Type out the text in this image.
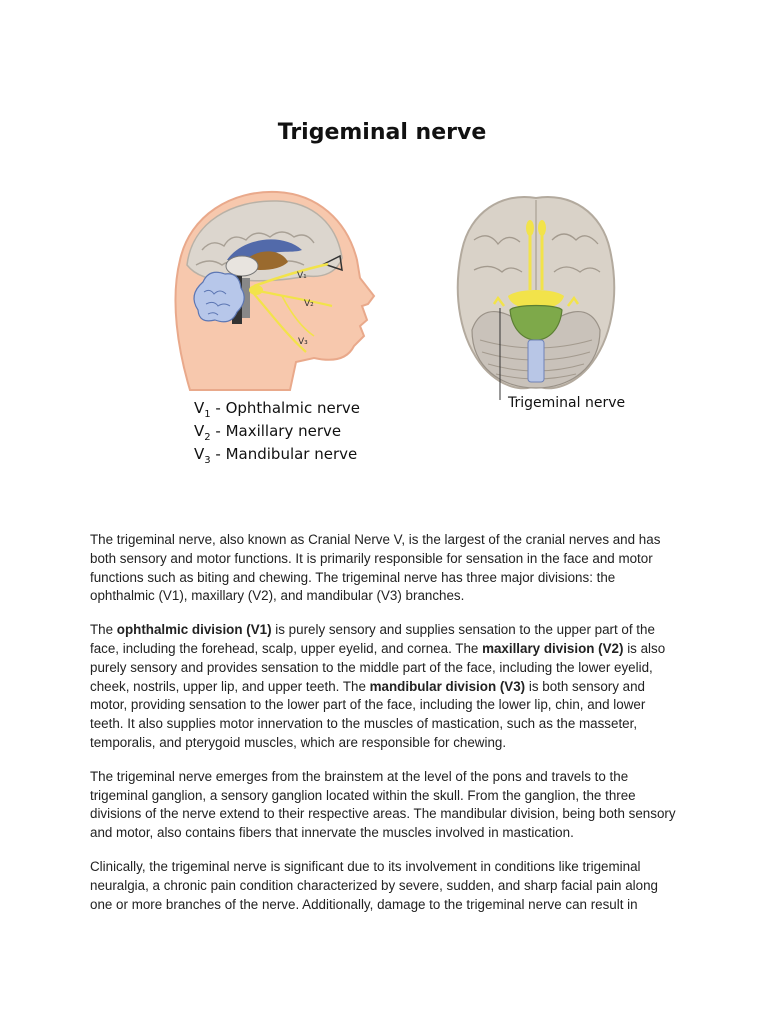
Trigeminal nerve
V₁
V₂
V₃
$V_1$ - Ophthalmic nerve
$V_2$ - Maxillary nerve
$V_3$ - Mandibular nerve
Trigeminal nerve

The trigeminal nerve, also known as Cranial Nerve V, is the largest of the cranial nerves and has both sensory and motor functions. It is primarily responsible for sensation in the face and motor functions such as biting and chewing. The trigeminal nerve has three major divisions: the ophthalmic (V1), maxillary (V2), and mandibular (V3) branches.

The ophthalmic division (V1) is purely sensory and supplies sensation to the upper part of the face, including the forehead, scalp, upper eyelid, and cornea. The maxillary division (V2) is also purely sensory and provides sensation to the middle part of the face, including the lower eyelid, cheek, nostrils, upper lip, and upper teeth. The mandibular division (V3) is both sensory and motor, providing sensation to the lower part of the face, including the lower lip, chin, and lower teeth. It also supplies motor innervation to the muscles of mastication, such as the masseter, temporalis, and pterygoid muscles, which are responsible for chewing.

The trigeminal nerve emerges from the brainstem at the level of the pons and travels to the trigeminal ganglion, a sensory ganglion located within the skull. From the ganglion, the three divisions of the nerve extend to their respective areas. The mandibular division, being both sensory and motor, also contains fibers that innervate the muscles involved in mastication.

Clinically, the trigeminal nerve is significant due to its involvement in conditions like trigeminal neuralgia, a chronic pain condition characterized by severe, sudden, and sharp facial pain along one or more branches of the nerve. Additionally, damage to the trigeminal nerve can result in
